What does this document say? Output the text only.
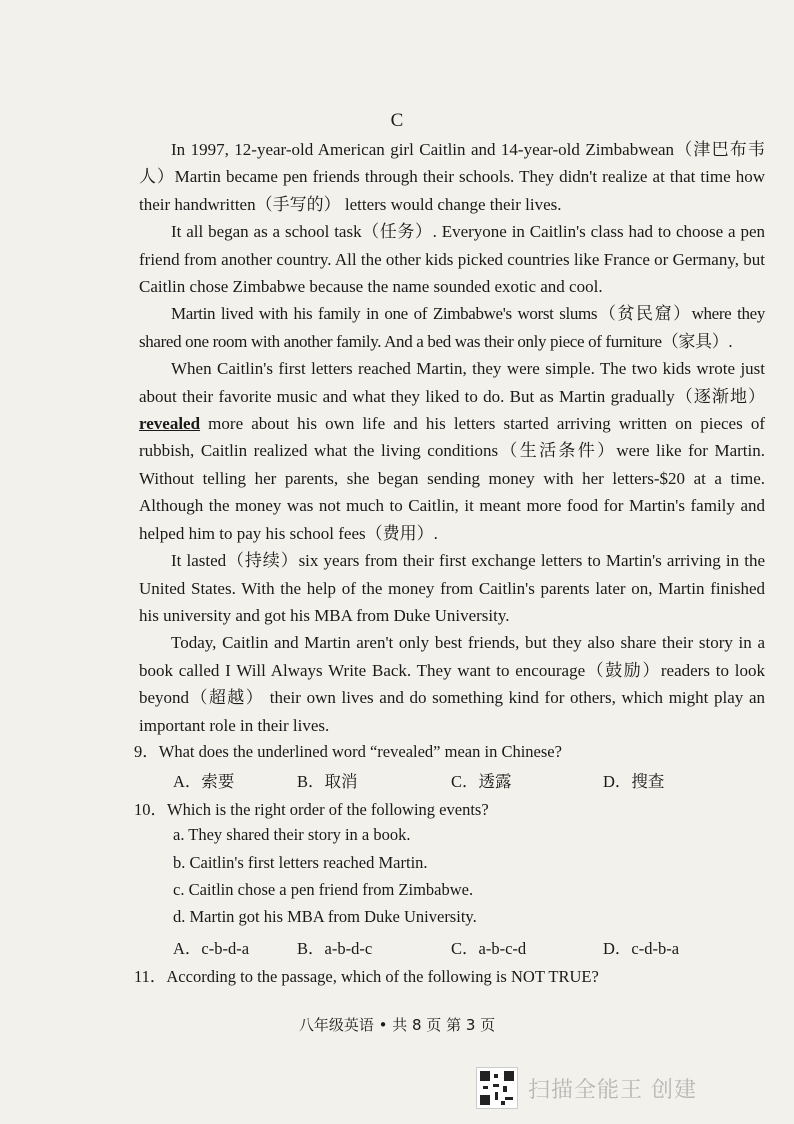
C

In 1997, 12-year-old American girl Caitlin and 14-year-old Zimbabwean（津巴布韦人）Martin became pen friends through their schools. They didn't realize at that time how their handwritten（手写的） letters would change their lives.

It all began as a school task（任务）. Everyone in Caitlin's class had to choose a pen friend from another country. All the other kids picked countries like France or Germany, but Caitlin chose Zimbabwe because the name sounded exotic and cool.

Martin lived with his family in one of Zimbabwe's worst slums（贫民窟）where they shared one room with another family. And a bed was their only piece of furniture（家具）.

When Caitlin's first letters reached Martin, they were simple. The two kids wrote just about their favorite music and what they liked to do. But as Martin gradually（逐渐地）revealed more about his own life and his letters started arriving written on pieces of rubbish, Caitlin realized what the living conditions（生活条件）were like for Martin. Without telling her parents, she began sending money with her letters-$20 at a time. Although the money was not much to Caitlin, it meant more food for Martin's family and helped him to pay his school fees（费用）.

It lasted（持续）six years from their first exchange letters to Martin's arriving in the United States. With the help of the money from Caitlin's parents later on, Martin finished his university and got his MBA from Duke University.

Today, Caitlin and Martin aren't only best friends, but they also share their story in a book called I Will Always Write Back. They want to encourage（鼓励）readers to look beyond（超越） their own lives and do something kind for others, which might play an important role in their lives.

9．What does the underlined word “revealed” mean in Chinese?
A．索要	B．取消	C．透露	D．搜查
10．Which is the right order of the following events?
a. They shared their story in a book.
b. Caitlin's first letters reached Martin.
c. Caitlin chose a pen friend from Zimbabwe.
d. Martin got his MBA from Duke University.
A．c-b-d-a	B．a-b-d-c	C．a-b-c-d	D．c-d-b-a
11．According to the passage, which of the following is NOT TRUE?
八年级英语 • 共 8 页 第 3 页
扫描全能王 创建
